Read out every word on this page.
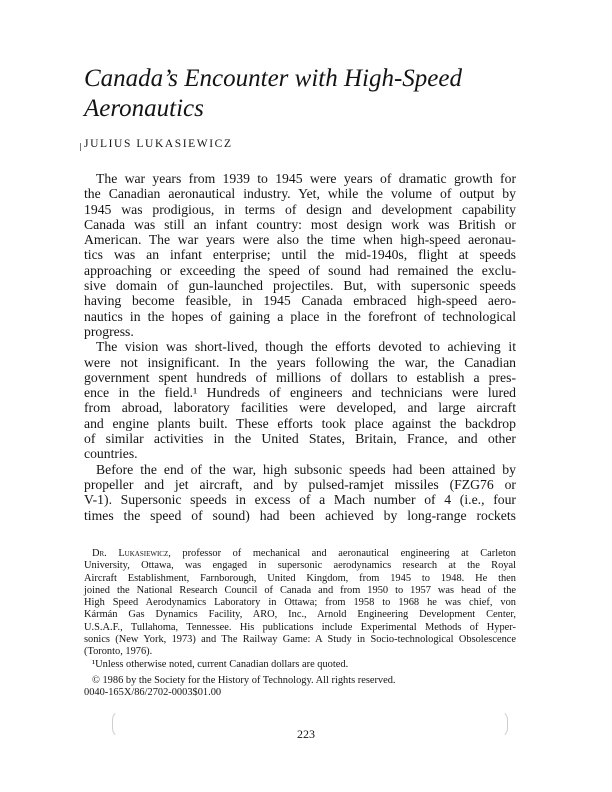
Canada’s Encounter with High-Speed
Aeronautics
JULIUS LUKASIEWICZ
The war years from 1939 to 1945 were years of dramatic growth for
the Canadian aeronautical industry. Yet, while the volume of output by
1945 was prodigious, in terms of design and development capability
Canada was still an infant country: most design work was British or
American. The war years were also the time when high-speed aeronau-
tics was an infant enterprise; until the mid-1940s, flight at speeds
approaching or exceeding the speed of sound had remained the exclu-
sive domain of gun-launched projectiles. But, with supersonic speeds
having become feasible, in 1945 Canada embraced high-speed aero-
nautics in the hopes of gaining a place in the forefront of technological
progress.
The vision was short-lived, though the efforts devoted to achieving it
were not insignificant. In the years following the war, the Canadian
government spent hundreds of millions of dollars to establish a pres-
ence in the field.¹ Hundreds of engineers and technicians were lured
from abroad, laboratory facilities were developed, and large aircraft
and engine plants built. These efforts took place against the backdrop
of similar activities in the United States, Britain, France, and other
countries.
Before the end of the war, high subsonic speeds had been attained by
propeller and jet aircraft, and by pulsed-ramjet missiles (FZG76 or
V-1). Supersonic speeds in excess of a Mach number of 4 (i.e., four
times the speed of sound) had been achieved by long-range rockets
Dr. Lukasiewicz, professor of mechanical and aeronautical engineering at Carleton
University, Ottawa, was engaged in supersonic aerodynamics research at the Royal
Aircraft Establishment, Farnborough, United Kingdom, from 1945 to 1948. He then
joined the National Research Council of Canada and from 1950 to 1957 was head of the
High Speed Aerodynamics Laboratory in Ottawa; from 1958 to 1968 he was chief, von
Kármán Gas Dynamics Facility, ARO, Inc., Arnold Engineering Development Center,
U.S.A.F., Tullahoma, Tennessee. His publications include Experimental Methods of Hyper-
sonics (New York, 1973) and The Railway Game: A Study in Socio-technological Obsolescence
(Toronto, 1976).
¹Unless otherwise noted, current Canadian dollars are quoted.
© 1986 by the Society for the History of Technology. All rights reserved.
0040-165X/86/2702-0003$01.00
223
